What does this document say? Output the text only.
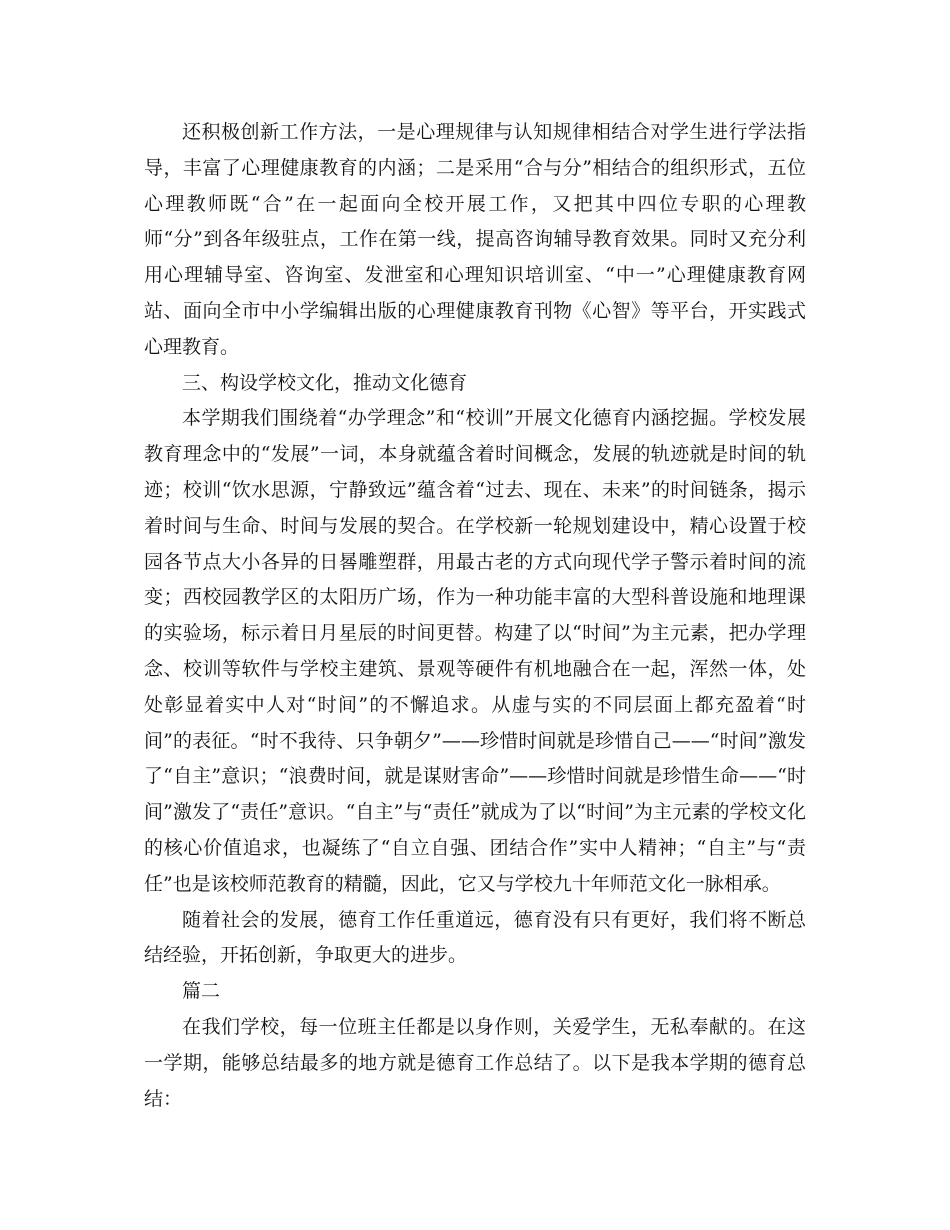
还积极创新工作方法，一是心理规律与认知规律相结合对学生进行学法指导，丰富了心理健康教育的内涵；二是采用“合与分”相结合的组织形式，五位心理教师既“合”在一起面向全校开展工作，又把其中四位专职的心理教师“分”到各年级驻点，工作在第一线，提高咨询辅导教育效果。同时又充分利用心理辅导室、咨询室、发泄室和心理知识培训室、“中一”心理健康教育网站、面向全市中小学编辑出版的心理健康教育刊物《心智》等平台，开实践式心理教育。

三、构设学校文化，推动文化德育

本学期我们围绕着“办学理念”和“校训”开展文化德育内涵挖掘。学校发展教育理念中的“发展”一词，本身就蕴含着时间概念，发展的轨迹就是时间的轨迹；校训“饮水思源，宁静致远”蕴含着“过去、现在、未来”的时间链条，揭示着时间与生命、时间与发展的契合。在学校新一轮规划建设中，精心设置于校园各节点大小各异的日晷雕塑群，用最古老的方式向现代学子警示着时间的流变；西校园教学区的太阳历广场，作为一种功能丰富的大型科普设施和地理课的实验场，标示着日月星辰的时间更替。构建了以“时间”为主元素，把办学理念、校训等软件与学校主建筑、景观等硬件有机地融合在一起，浑然一体，处处彰显着实中人对“时间”的不懈追求。从虚与实的不同层面上都充盈着“时间”的表征。“时不我待、只争朝夕”——珍惜时间就是珍惜自己——“时间”激发了“自主”意识；“浪费时间，就是谋财害命”——珍惜时间就是珍惜生命——“时间”激发了“责任”意识。“自主”与“责任”就成为了以“时间”为主元素的学校文化的核心价值追求，也凝练了“自立自强、团结合作”实中人精神；“自主”与“责任”也是该校师范教育的精髓，因此，它又与学校九十年师范文化一脉相承。

随着社会的发展，德育工作任重道远，德育没有只有更好，我们将不断总结经验，开拓创新，争取更大的进步。

篇二

在我们学校，每一位班主任都是以身作则，关爱学生，无私奉献的。在这一学期，能够总结最多的地方就是德育工作总结了。以下是我本学期的德育总结：
